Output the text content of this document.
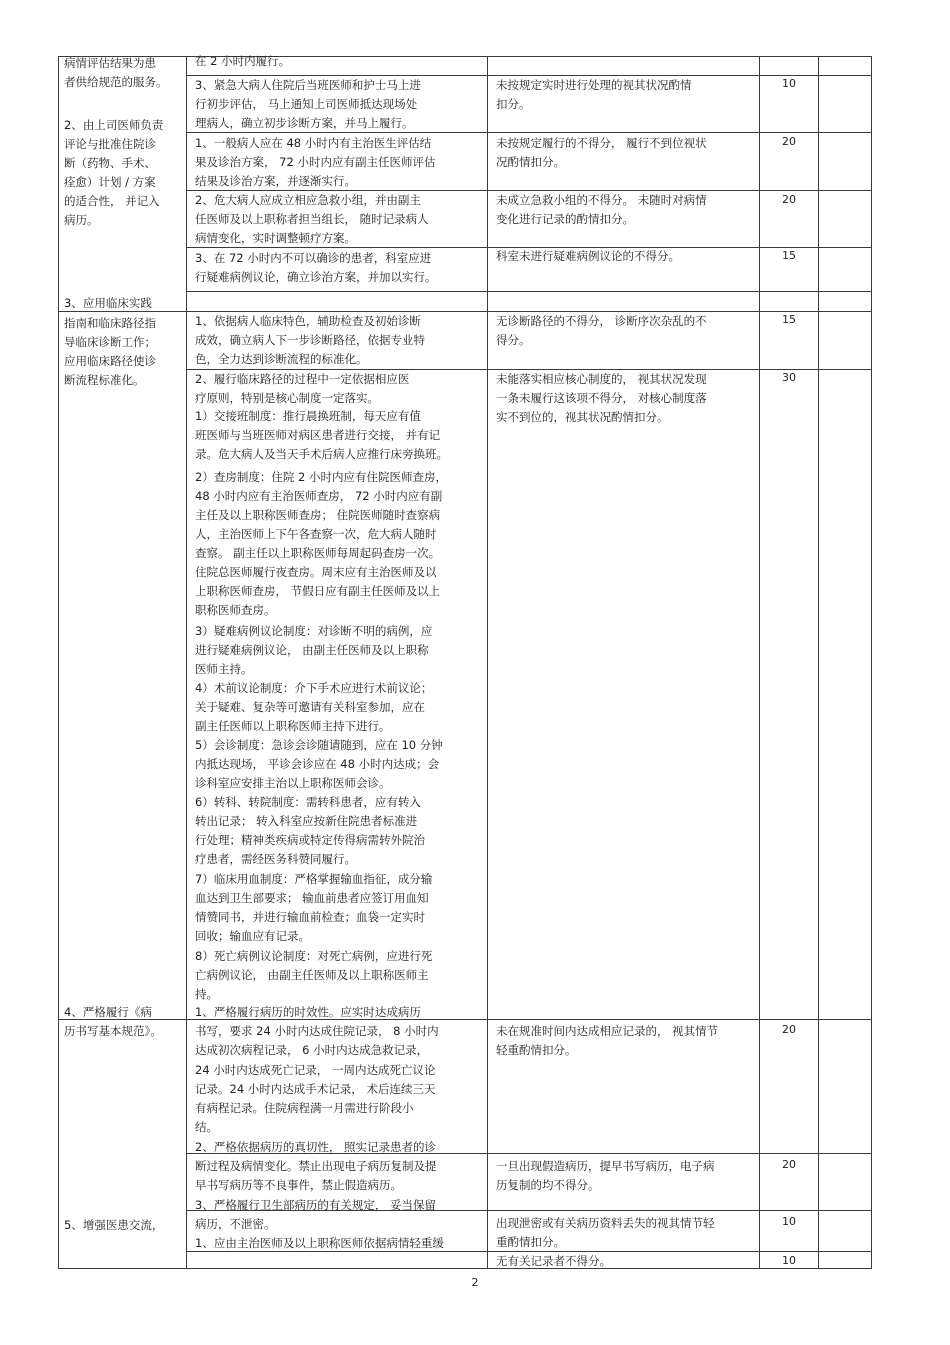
病情评估结果为患
者供给规范的服务。
2、由上司医师负责
评论与批准住院诊
断（药物、手术、
痊愈）计划 / 方案
的适合性， 并记入
病历。
3、应用临床实践
指南和临床路径指
导临床诊断工作；
应用临床路径使诊
断流程标准化。
4、严格履行《病
历书写基本规范》。
5、增强医患交流，
在 2 小时内履行。
3、紧急大病人住院后当班医师和护士马上进
行初步评估， 马上通知上司医师抵达现场处
理病人，确立初步诊断方案，并马上履行。
1、一般病人应在 48 小时内有主治医生评估结
果及诊治方案， 72 小时内应有副主任医师评估
结果及诊治方案，并逐渐实行。
2、危大病人应成立相应急救小组，并由副主
任医师及以上职称者担当组长， 随时记录病人
病情变化，实时调整顿疗方案。
3、在 72 小时内不可以确诊的患者，科室应进
行疑难病例议论，确立诊治方案，并加以实行。
1、依据病人临床特色，辅助检查及初始诊断
成效，确立病人下一步诊断路径，依据专业特
色，全力达到诊断流程的标准化。
2、履行临床路径的过程中一定依据相应医
疗原则，特别是核心制度一定落实。
1）交接班制度：推行晨换班制，每天应有值
班医师与当班医师对病区患者进行交接， 并有记
录。危大病人及当天手术后病人应推行床旁换班。
2）查房制度：住院 2 小时内应有住院医师查房，
48 小时内应有主治医师查房， 72 小时内应有副
主任及以上职称医师查房； 住院医师随时查察病
人，主治医师上下午各查察一次，危大病人随时
查察。 副主任以上职称医师每周起码查房一次。
住院总医师履行夜查房。周末应有主治医师及以
上职称医师查房， 节假日应有副主任医师及以上
职称医师查房。
3）疑难病例议论制度：对诊断不明的病例，应
进行疑难病例议论， 由副主任医师及以上职称
医师主持。
4）术前议论制度：介下手术应进行术前议论；
关于疑难、复杂等可邀请有关科室参加，应在
副主任医师以上职称医师主持下进行。
5）会诊制度：急诊会诊随请随到，应在 10 分钟
内抵达现场， 平诊会诊应在 48 小时内达成；会
诊科室应安排主治以上职称医师会诊。
6）转科、转院制度：需转科患者，应有转入
转出记录； 转入科室应按新住院患者标准进
行处理；精神类疾病或特定传得病需转外院治
疗患者，需经医务科赞同履行。
7）临床用血制度：严格掌握输血指征，成分输
血达到卫生部要求； 输血前患者应签订用血知
情赞同书，并进行输血前检查；血袋一定实时
回收；输血应有记录。
8）死亡病例议论制度：对死亡病例，应进行死
亡病例议论， 由副主任医师及以上职称医师主
持。
1、严格履行病历的时效性。应实时达成病历
书写，要求 24 小时内达成住院记录， 8 小时内
达成初次病程记录， 6 小时内达成急救记录，
24 小时内达成死亡记录， 一周内达成死亡议论
记录。24 小时内达成手术记录， 术后连续三天
有病程记录。住院病程满一月需进行阶段小
结。
2、严格依据病历的真切性， 照实记录患者的诊
断过程及病情变化。禁止出现电子病历复制及提
早书写病历等不良事件，禁止假造病历。
3、严格履行卫生部病历的有关规定， 妥当保留
病历，不泄密。
1、应由主治医师及以上职称医师依据病情轻重缓
未按规定实时进行处理的视其状况酌情
扣分。
未按规定履行的不得分， 履行不到位视状
况酌情扣分。
未成立急救小组的不得分。 未随时对病情
变化进行记录的酌情扣分。
科室未进行疑难病例议论的不得分。
无诊断路径的不得分， 诊断序次杂乱的不
得分。
未能落实相应核心制度的， 视其状况发现
一条未履行这该项不得分， 对核心制度落
实不到位的，视其状况酌情扣分。
未在规准时间内达成相应记录的， 视其情节
轻重酌情扣分。
一旦出现假造病历，提早书写病历，电子病
历复制的均不得分。
出现泄密或有关病历资料丢失的视其情节轻
重酌情扣分。
无有关记录者不得分。
10
20
20
15
15
30
20
20
10
10
2
